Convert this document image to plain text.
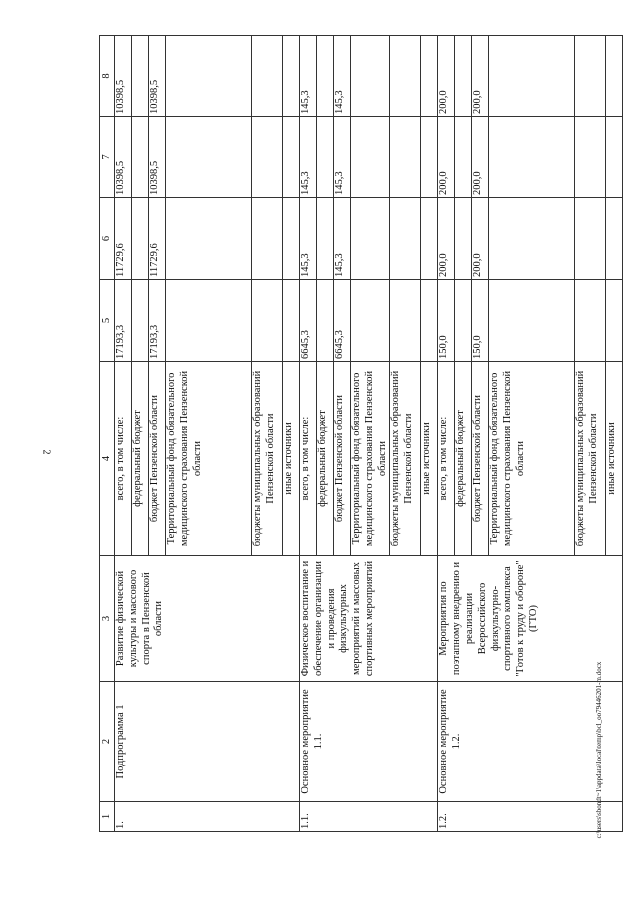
2
c:\users\sbondt~1\appdata\local\temp\bcl_oo79446201-m.docx
1	2	3	4	5	6	7	8
1.	Подпрограмма 1	Развитие физической культуры и массового спорта в Пензенской области	всего, в том числе:	17193,3	11729,6	10398,5	10398,5
			федеральный бюджет				
			бюджет Пензенской области	17193,3	11729,6	10398,5	10398,5
			Территориальный фонд обязательного медицинского страхования Пензенской области				
			бюджеты муниципальных образований Пензенской области				
			иные источники				
1.1.	Основное мероприятие 1.1.	Физическое воспитание и обеспечение организации и проведения физкультурных мероприятий и массовых спортивных мероприятий	всего, в том числе:	6645,3	145,3	145,3	145,3
			федеральный бюджет				
			бюджет Пензенской области	6645,3	145,3	145,3	145,3
			Территориальный фонд обязательного медицинского страхования Пензенской области				
			бюджеты муниципальных образований Пензенской области				
			иные источники				
1.2.	Основное мероприятие 1.2.	Мероприятия по поэтапному внедрению и реализации Всероссийского физкультурно-спортивного комплекса "Готов к труду и обороне" (ГТО)	всего, в том числе:	150,0	200,0	200,0	200,0
			федеральный бюджет				
			бюджет Пензенской области	150,0	200,0	200,0	200,0
			Территориальный фонд обязательного медицинского страхования Пензенской области				
			бюджеты муниципальных образований Пензенской области				
			иные источники				
